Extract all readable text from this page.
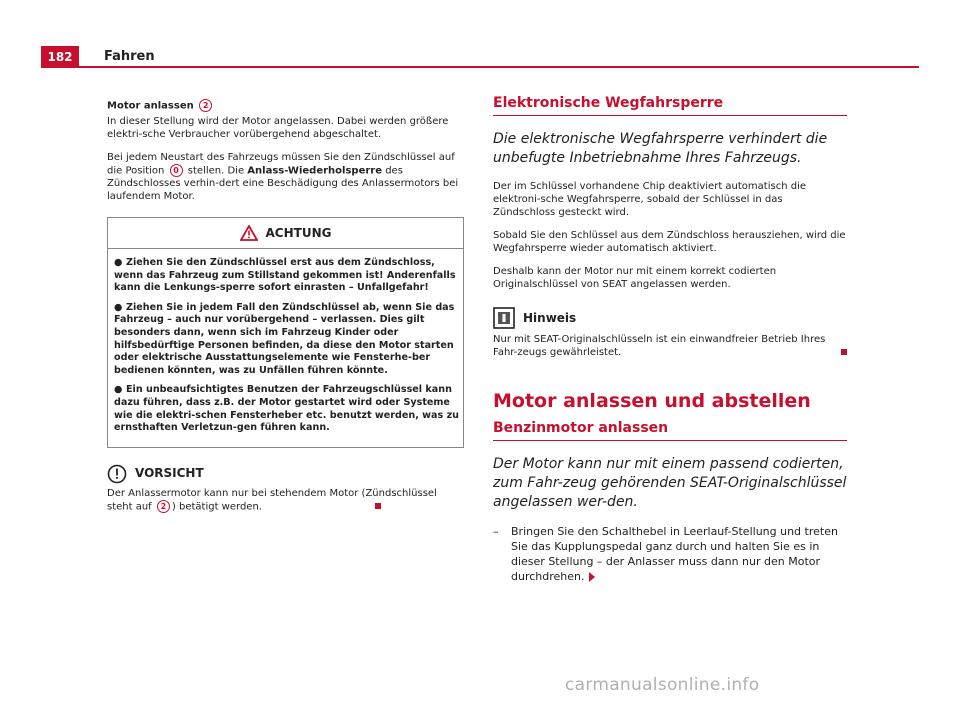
182	Fahren
Motor anlassen 2

In dieser Stellung wird der Motor angelassen. Dabei werden größere elektri-sche Verbraucher vorübergehend abgeschaltet.

Bei jedem Neustart des Fahrzeugs müssen Sie den Zündschlüssel auf die Position 0 stellen. Die Anlass-Wiederholsperre des Zündschlosses verhin-dert eine Beschädigung des Anlassermotors bei laufendem Motor.

ACHTUNG
● Ziehen Sie den Zündschlüssel erst aus dem Zündschloss, wenn das Fahrzeug zum Stillstand gekommen ist! Anderenfalls kann die Lenkungs-sperre sofort einrasten – Unfallgefahr!
● Ziehen Sie in jedem Fall den Zündschlüssel ab, wenn Sie das Fahrzeug – auch nur vorübergehend – verlassen. Dies gilt besonders dann, wenn sich im Fahrzeug Kinder oder hilfsbedürftige Personen befinden, da diese den Motor starten oder elektrische Ausstattungselemente wie Fensterhe-ber bedienen könnten, was zu Unfällen führen könnte.
● Ein unbeaufsichtigtes Benutzen der Fahrzeugschlüssel kann dazu führen, dass z.B. der Motor gestartet wird oder Systeme wie die elektri-schen Fensterheber etc. benutzt werden, was zu ernsthaften Verletzun-gen führen kann.
VORSICHT
Der Anlassermotor kann nur bei stehendem Motor (Zündschlüssel steht auf 2 ) betätigt werden.
Elektronische Wegfahrsperre
Die elektronische Wegfahrsperre verhindert die unbefugte Inbetriebnahme Ihres Fahrzeugs.

Der im Schlüssel vorhandene Chip deaktiviert automatisch die elektroni-sche Wegfahrsperre, sobald der Schlüssel in das Zündschloss gesteckt wird.

Sobald Sie den Schlüssel aus dem Zündschloss herausziehen, wird die Wegfahrsperre wieder automatisch aktiviert.

Deshalb kann der Motor nur mit einem korrekt codierten Originalschlüssel von SEAT angelassen werden.

Hinweis
Nur mit SEAT-Originalschlüsseln ist ein einwandfreier Betrieb Ihres Fahr-zeugs gewährleistet.
Motor anlassen und abstellen
Benzinmotor anlassen
Der Motor kann nur mit einem passend codierten, zum Fahr-zeug gehörenden SEAT-Originalschlüssel angelassen wer-den.
–	Bringen Sie den Schalthebel in Leerlauf-Stellung und treten Sie das Kupplungspedal ganz durch und halten Sie es in dieser Stellung – der Anlasser muss dann nur den Motor durchdrehen.
carmanualsonline.info
